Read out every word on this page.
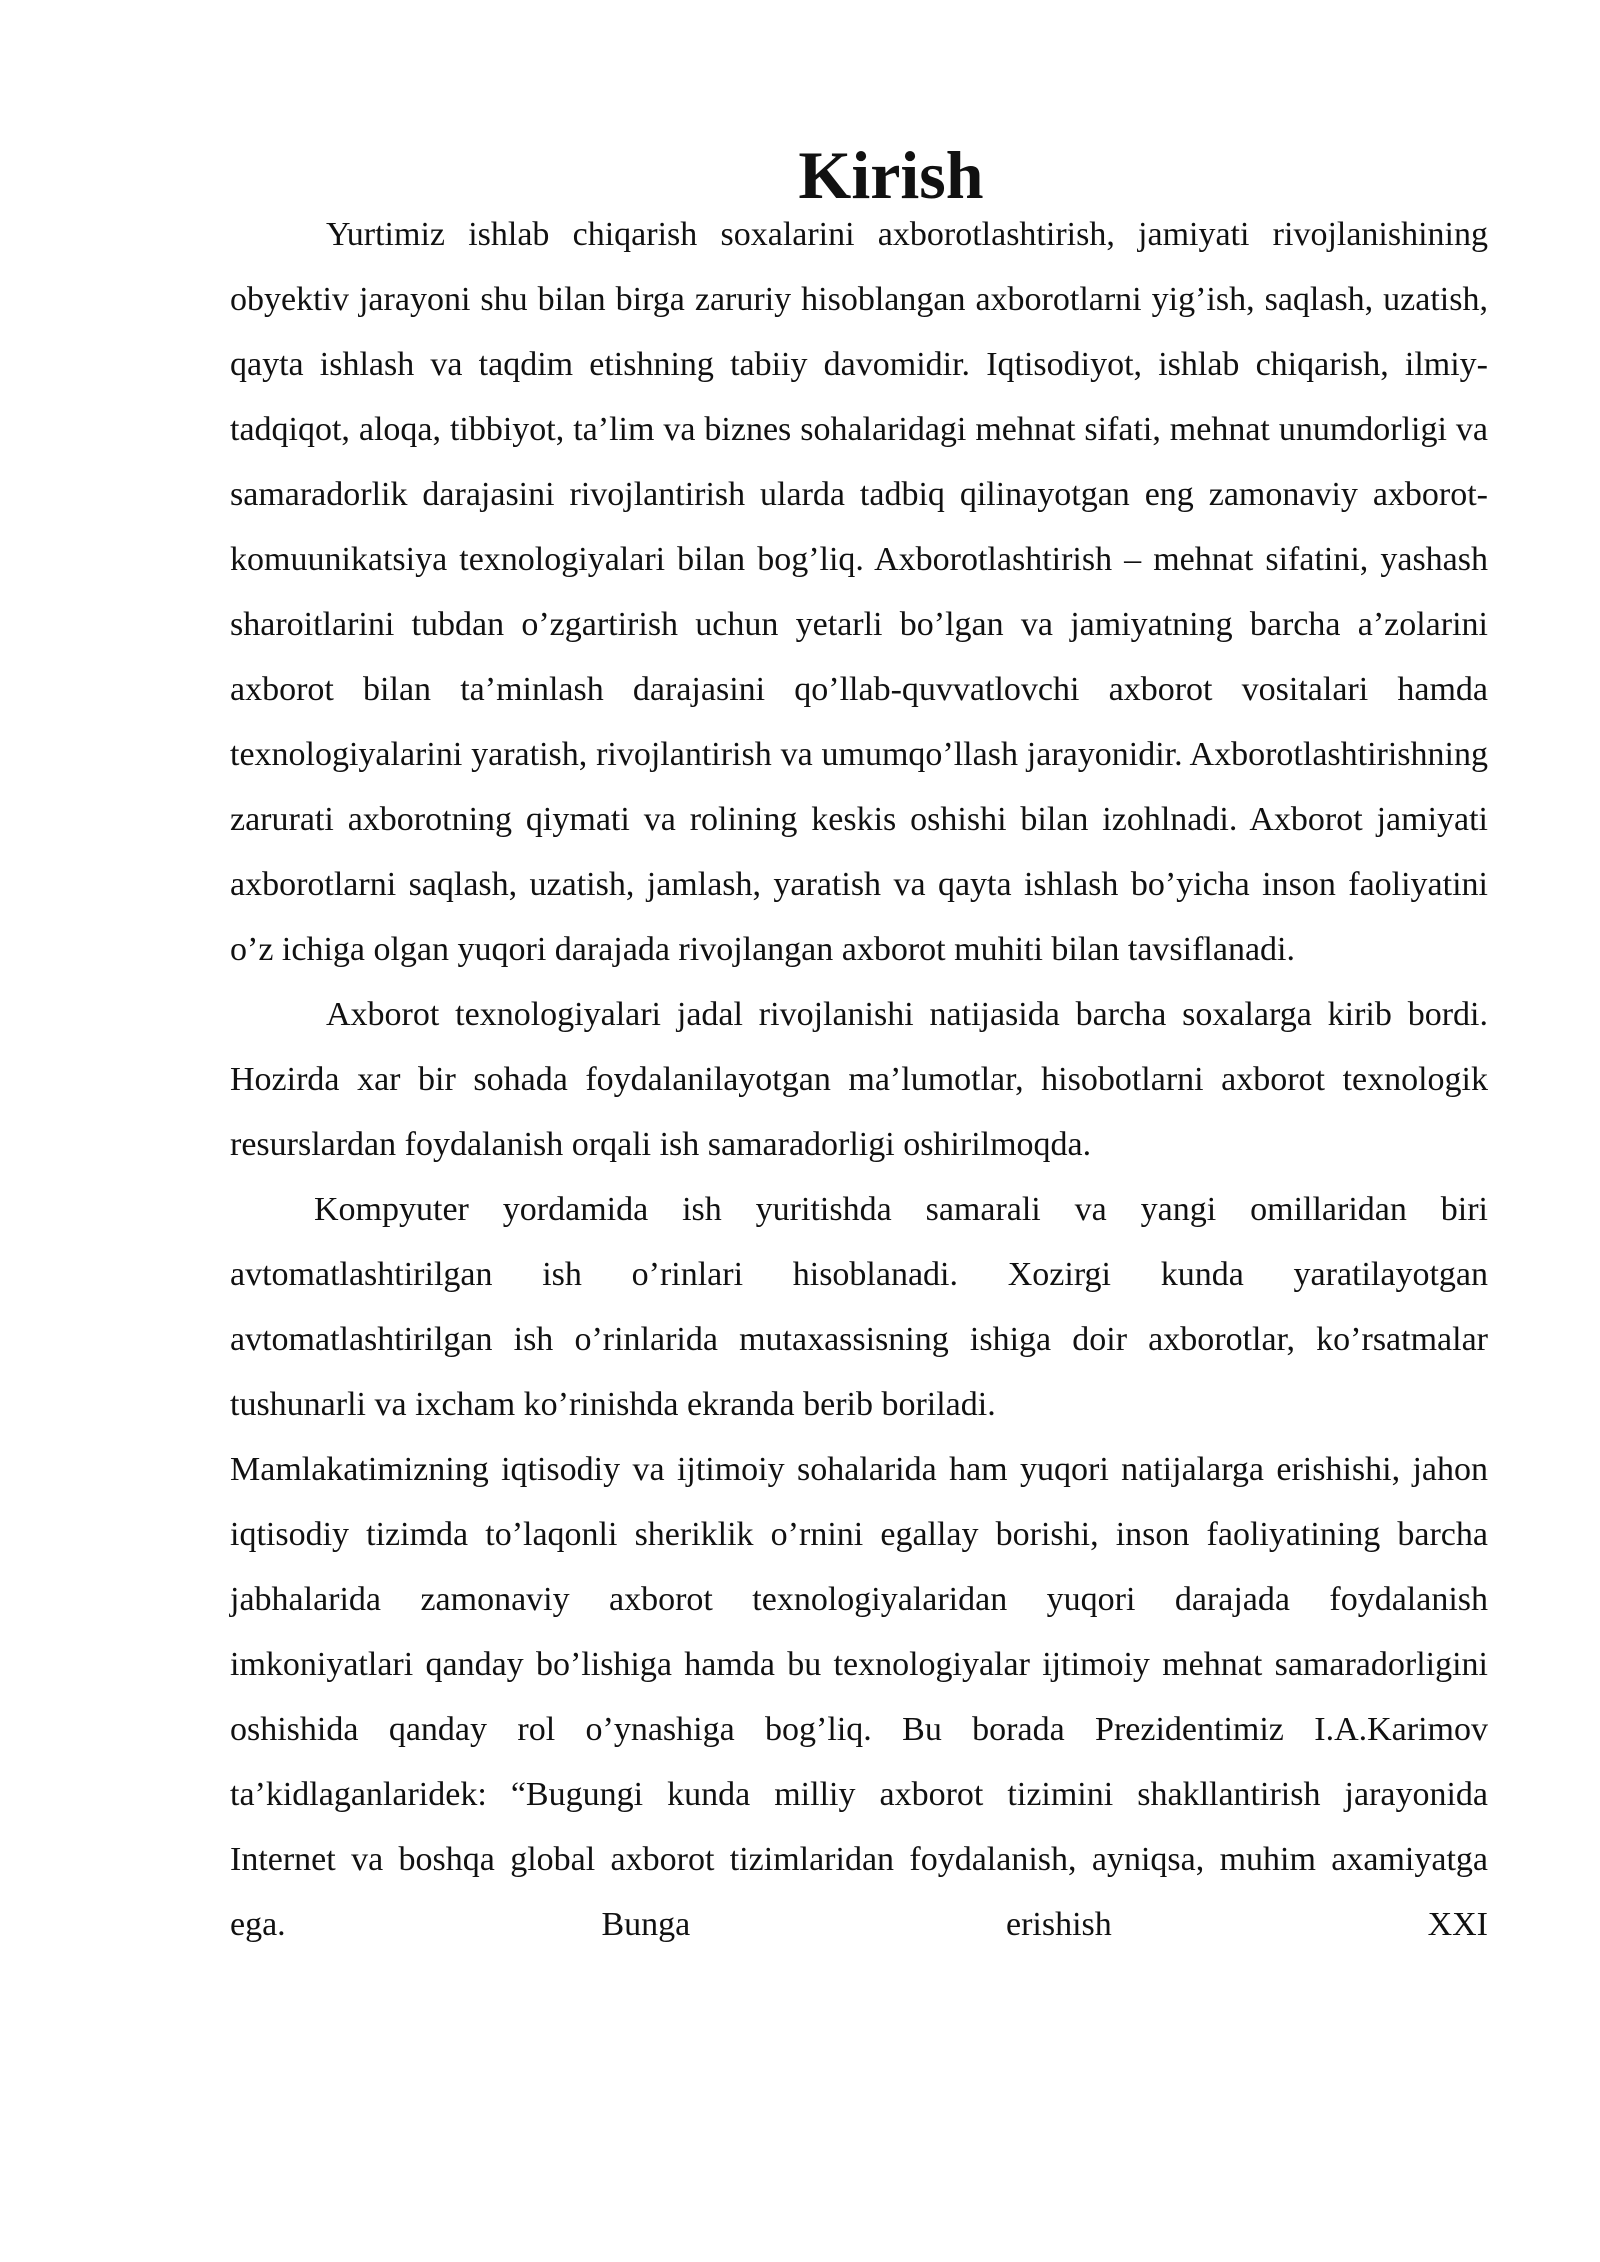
Kirish

Yurtimiz ishlab chiqarish soxalarini axborotlashtirish, jamiyati rivojlanishining obyektiv jarayoni shu bilan birga zaruriy hisoblangan axborotlarni yig’ish, saqlash, uzatish, qayta ishlash va taqdim etishning tabiiy davomidir. Iqtisodiyot, ishlab chiqarish, ilmiy-tadqiqot, aloqa, tibbiyot, ta’lim va biznes sohalaridagi mehnat sifati, mehnat unumdorligi va samaradorlik darajasini rivojlantirish ularda tadbiq qilinayotgan eng zamonaviy axborot-komuunikatsiya texnologiyalari bilan bog’liq. Axborotlashtirish – mehnat sifatini, yashash sharoitlarini tubdan o’zgartirish uchun yetarli bo’lgan va jamiyatning barcha a’zolarini axborot bilan ta’minlash darajasini qo’llab-quvvatlovchi axborot vositalari hamda texnologiyalarini yaratish, rivojlantirish va umumqo’llash jarayonidir. Axborotlashtirishning zarurati axborotning qiymati va rolining keskis oshishi bilan izohlnadi. Axborot jamiyati axborotlarni saqlash, uzatish, jamlash, yaratish va qayta ishlash bo’yicha inson faoliyatini o’z ichiga olgan yuqori darajada rivojlangan axborot muhiti bilan tavsiflanadi.

Axborot texnologiyalari jadal rivojlanishi natijasida barcha soxalarga kirib bordi. Hozirda xar bir sohada foydalanilayotgan ma’lumotlar, hisobotlarni axborot texnologik resurslardan foydalanish orqali ish samaradorligi oshirilmoqda.

Kompyuter yordamida ish yuritishda samarali va yangi omillaridan biri avtomatlashtirilgan ish o’rinlari hisoblanadi. Xozirgi kunda yaratilayotgan avtomatlashtirilgan ish o’rinlarida mutaxassisning ishiga doir axborotlar, ko’rsatmalar tushunarli va ixcham ko’rinishda ekranda berib boriladi.

Mamlakatimizning iqtisodiy va ijtimoiy sohalarida ham yuqori natijalarga erishishi, jahon iqtisodiy tizimda to’laqonli sheriklik o’rnini egallay borishi, inson faoliyatining barcha jabhalarida zamonaviy axborot texnologiyalaridan yuqori darajada foydalanish imkoniyatlari qanday bo’lishiga hamda bu texnologiyalar ijtimoiy mehnat samaradorligini oshishida qanday rol o’ynashiga bog’liq. Bu borada Prezidentimiz I.A.Karimov ta’kidlaganlaridek: “Bugungi kunda milliy axborot tizimini shakllantirish jarayonida Internet va boshqa global axborot tizimlaridan foydalanish, ayniqsa, muhim axamiyatga ega. Bunga erishish XXI
